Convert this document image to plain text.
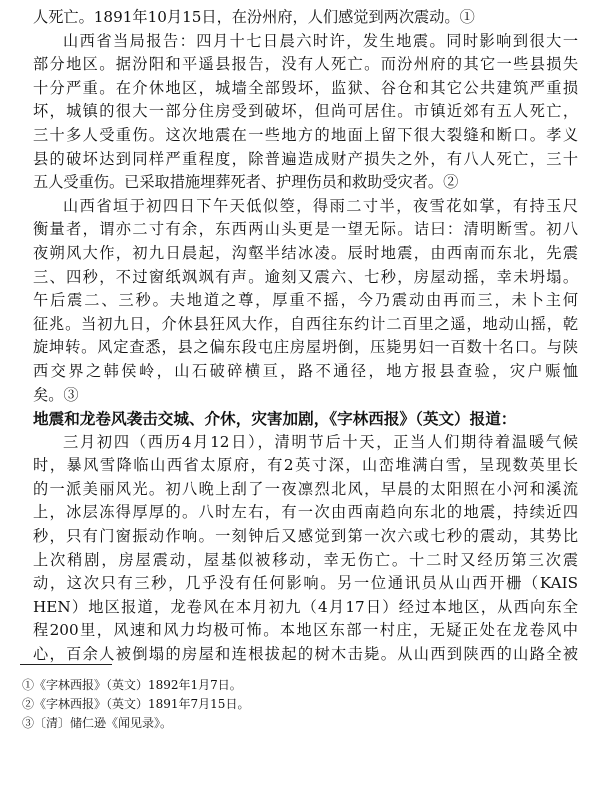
人死亡。1891年10月15日，在汾州府，人们感觉到两次震动。①
山西省当局报告：四月十七日晨六时许，发生地震。同时影响到很大一
部分地区。据汾阳和平遥县报告，没有人死亡。而汾州府的其它一些县损失
十分严重。在介休地区，城墙全部毁坏，监狱、谷仓和其它公共建筑严重损
坏，城镇的很大一部分住房受到破坏，但尚可居住。市镇近郊有五人死亡，
三十多人受重伤。这次地震在一些地方的地面上留下很大裂缝和断口。孝义
县的破坏达到同样严重程度，除普遍造成财产损失之外，有八人死亡，三十
五人受重伤。已采取措施埋葬死者、护理伤员和救助受灾者。②
山西省垣于初四日下午天低似箜，得雨二寸半，夜雪花如掌，有持玉尺
衡量者，谓亦二寸有余，东西两山头更是一望无际。诘曰：清明断雪。初八
夜朔风大作，初九日晨起，沟壑半结冰凌。辰时地震，由西南而东北，先震
三、四秒，不过窗纸飒飒有声。逾刻又震六、七秒，房屋动摇，幸未坍塌。
午后震二、三秒。夫地道之尊，厚重不摇，今乃震动由再而三，未卜主何
征兆。当初九日，介休县狂风大作，自西往东约计二百里之遥，地动山摇，乾
旋坤转。风定查悉，县之偏东段屯庄房屋坍倒，压毙男妇一百数十名口。与陕
西交界之韩侯岭，山石破碎横亘，路不通径，地方报县查验，灾户赈恤
矣。③
地震和龙卷风袭击交城、介休，灾害加剧，《字林西报》（英文）报道：
三月初四（西历4月12日），清明节后十天，正当人们期待着温暖气候
时，暴风雪降临山西省太原府，有2英寸深，山峦堆满白雪，呈现数英里长
的一派美丽风光。初八晚上刮了一夜凛烈北风，早晨的太阳照在小河和溪流
上，冰层冻得厚厚的。八时左右，有一次由西南趋向东北的地震，持续近四
秒，只有门窗振动作响。一刻钟后又感觉到第一次六或七秒的震动，其势比
上次稍剧，房屋震动，屋基似被移动，幸无伤亡。十二时又经历第三次震
动，这次只有三秒，几乎没有任何影响。另一位通讯员从山西开栅（KAIS
HEN）地区报道，龙卷风在本月初九（4月17日）经过本地区，从西向东全
程200里，风速和风力均极可怖。本地区东部一村庄，无疑正处在龙卷风中
心，百余人被倒塌的房屋和连根拔起的树木击毙。从山西到陕西的山路全被
①《字林西报》（英文）1892年1月7日。
②《字林西报》（英文）1891年7月15日。
③〔清〕储仁逊《闻见录》。
